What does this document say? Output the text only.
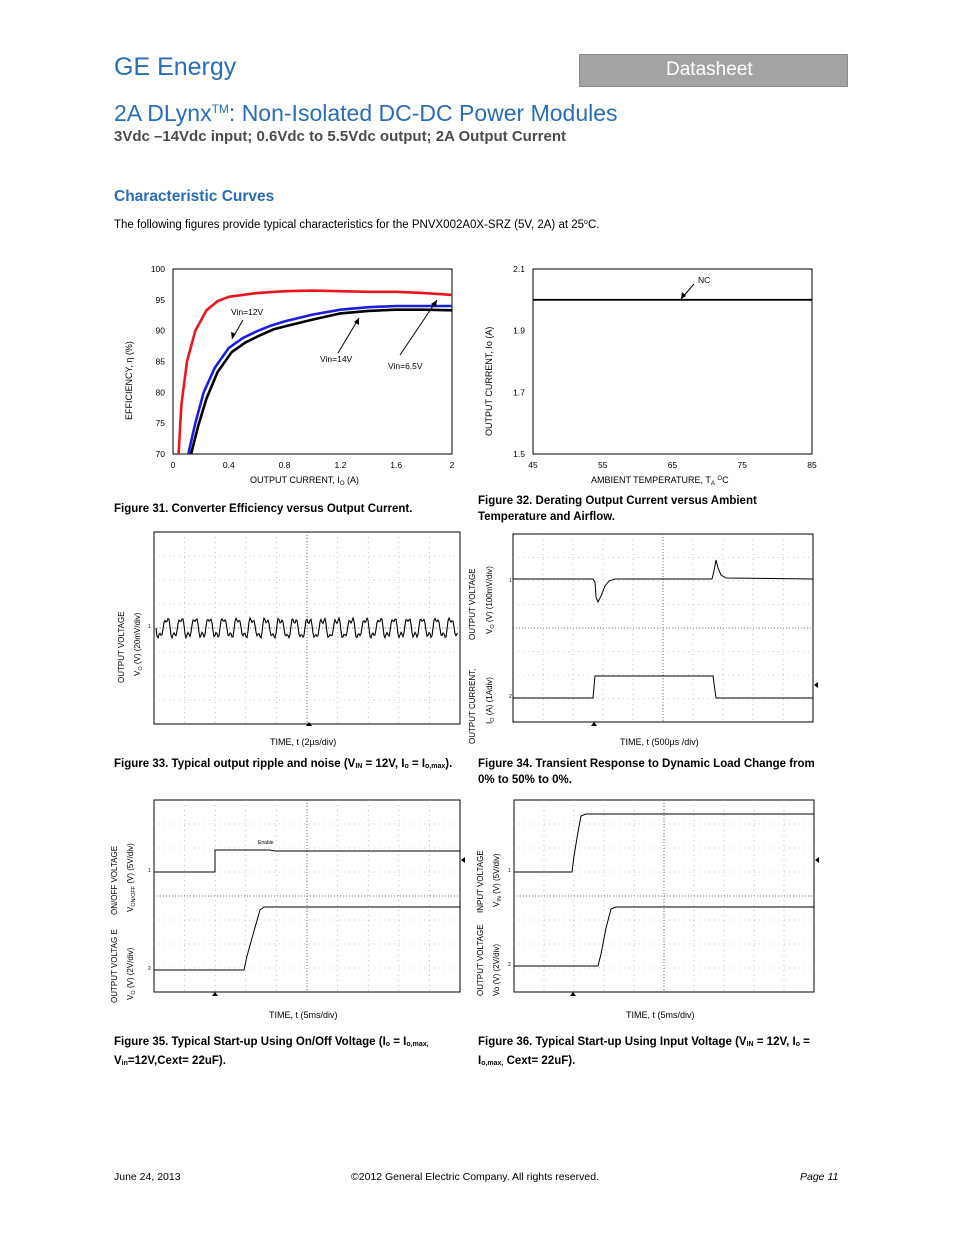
GE Energy	Datasheet
2A DLynx™: Non-Isolated DC-DC Power Modules
3Vdc –14Vdc input; 0.6Vdc to 5.5Vdc output; 2A Output Current
Characteristic Curves
The following figures provide typical characteristics for the PNVX002A0X-SRZ (5V, 2A) at 25$^o$C.
70
75
80
85
90
95
100
0	0.4	0.8	1.2	1.6	2
Vin=12V
Vin=14V
Vin=6.5V
OUTPUT CURRENT, $I_O$ (A)
EFFICIENCY, η (%)
1.5
1.7
1.9
2.1
45	55	65	75	85
NC
AMBIENT TEMPERATURE, $T_A$ $^O$C
OUTPUT CURRENT, Io (A)
Figure 31. Converter Efficiency versus Output Current.
Figure 32. Derating Output Current versus Ambient Temperature and Airflow.
1
TIME, t (2µs/div)
OUTPUT VOLTAGE $V_O$ (V) (20mV/div)
1
2
TIME, t (500µs /div)
OUTPUT VOLTAGE $V_O$ (V) (100mV/div)
OUTPUT CURRENT, $I_O$ (A) (1Adiv)
Figure 33. Typical output ripple and noise ($V_{IN} = 12V$, $I_o = I_{o,max}$).	Figure 34. Transient Response to Dynamic Load Change from 0% to 50% to 0%.
Enable
1
2
TIME, t (5ms/div)
ON/OFF VOLTAGE $V_{ON/OFF}$ (V) (5V/div)
OUTPUT VOLTAG E $V_O$ (V) (2V/div)
1
2
TIME, t (5ms/div)
INPUT VOLTAGE $V_{IN}$ (V) (5V/div)
OUTPUT VOLTAGE Vo (V) (2V/div)
Figure 35. Typical Start-up Using On/Off Voltage ($I_o = I_{o,max,}$ $V_{in}=12V,Cext= 22uF$).
Figure 36. Typical Start-up Using Input Voltage ($V_{IN} = 12V$, $I_o = I_{o,max,}$ Cext= 22uF).
June 24, 2013	©2012 General Electric Company. All rights reserved.	Page 11
